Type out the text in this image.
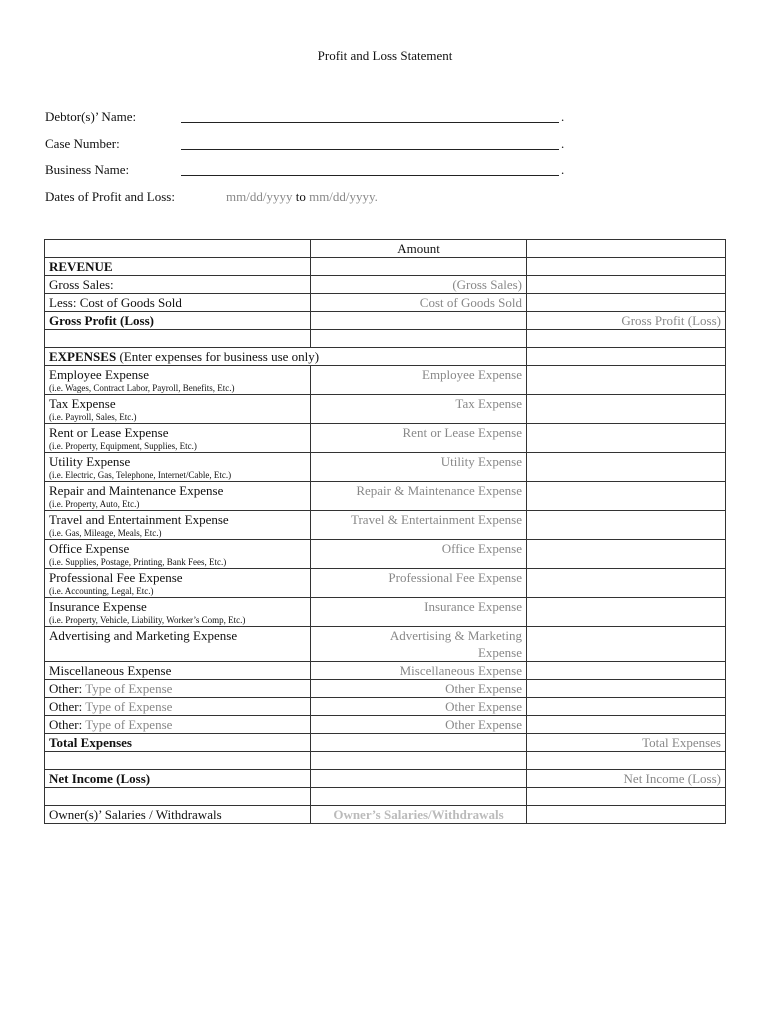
Profit and Loss Statement
Debtor(s)’ Name:	.
Case Number:	.
Business Name:	.
Dates of Profit and Loss:	mm/dd/yyyy to mm/dd/yyyy.
	Amount	
REVENUE		
Gross Sales:	(Gross Sales)	
Less: Cost of Goods Sold	Cost of Goods Sold	
Gross Profit (Loss)		Gross Profit (Loss)

EXPENSES (Enter expenses for business use only)		
Employee Expense
(i.e. Wages, Contract Labor, Payroll, Benefits, Etc.)	Employee Expense	
Tax Expense
(i.e. Payroll, Sales, Etc.)	Tax Expense	
Rent or Lease Expense
(i.e. Property, Equipment, Supplies, Etc.)	Rent or Lease Expense	
Utility Expense
(i.e. Electric, Gas, Telephone, Internet/Cable, Etc.)	Utility Expense	
Repair and Maintenance Expense
(i.e. Property, Auto, Etc.)	Repair & Maintenance Expense	
Travel and Entertainment Expense
(i.e. Gas, Mileage, Meals, Etc.)	Travel & Entertainment Expense	
Office Expense
(i.e. Supplies, Postage, Printing, Bank Fees, Etc.)	Office Expense	
Professional Fee Expense
(i.e. Accounting, Legal, Etc.)	Professional Fee Expense	
Insurance Expense
(i.e. Property, Vehicle, Liability, Worker’s Comp, Etc.)	Insurance Expense	
Advertising and Marketing Expense	Advertising & Marketing
Expense	
Miscellaneous Expense	Miscellaneous Expense	
Other: Type of Expense	Other Expense	
Other: Type of Expense	Other Expense	
Other: Type of Expense	Other Expense	
Total Expenses		Total Expenses

Net Income (Loss)		Net Income (Loss)

Owner(s)’ Salaries / Withdrawals	Owner’s Salaries/Withdrawals	
